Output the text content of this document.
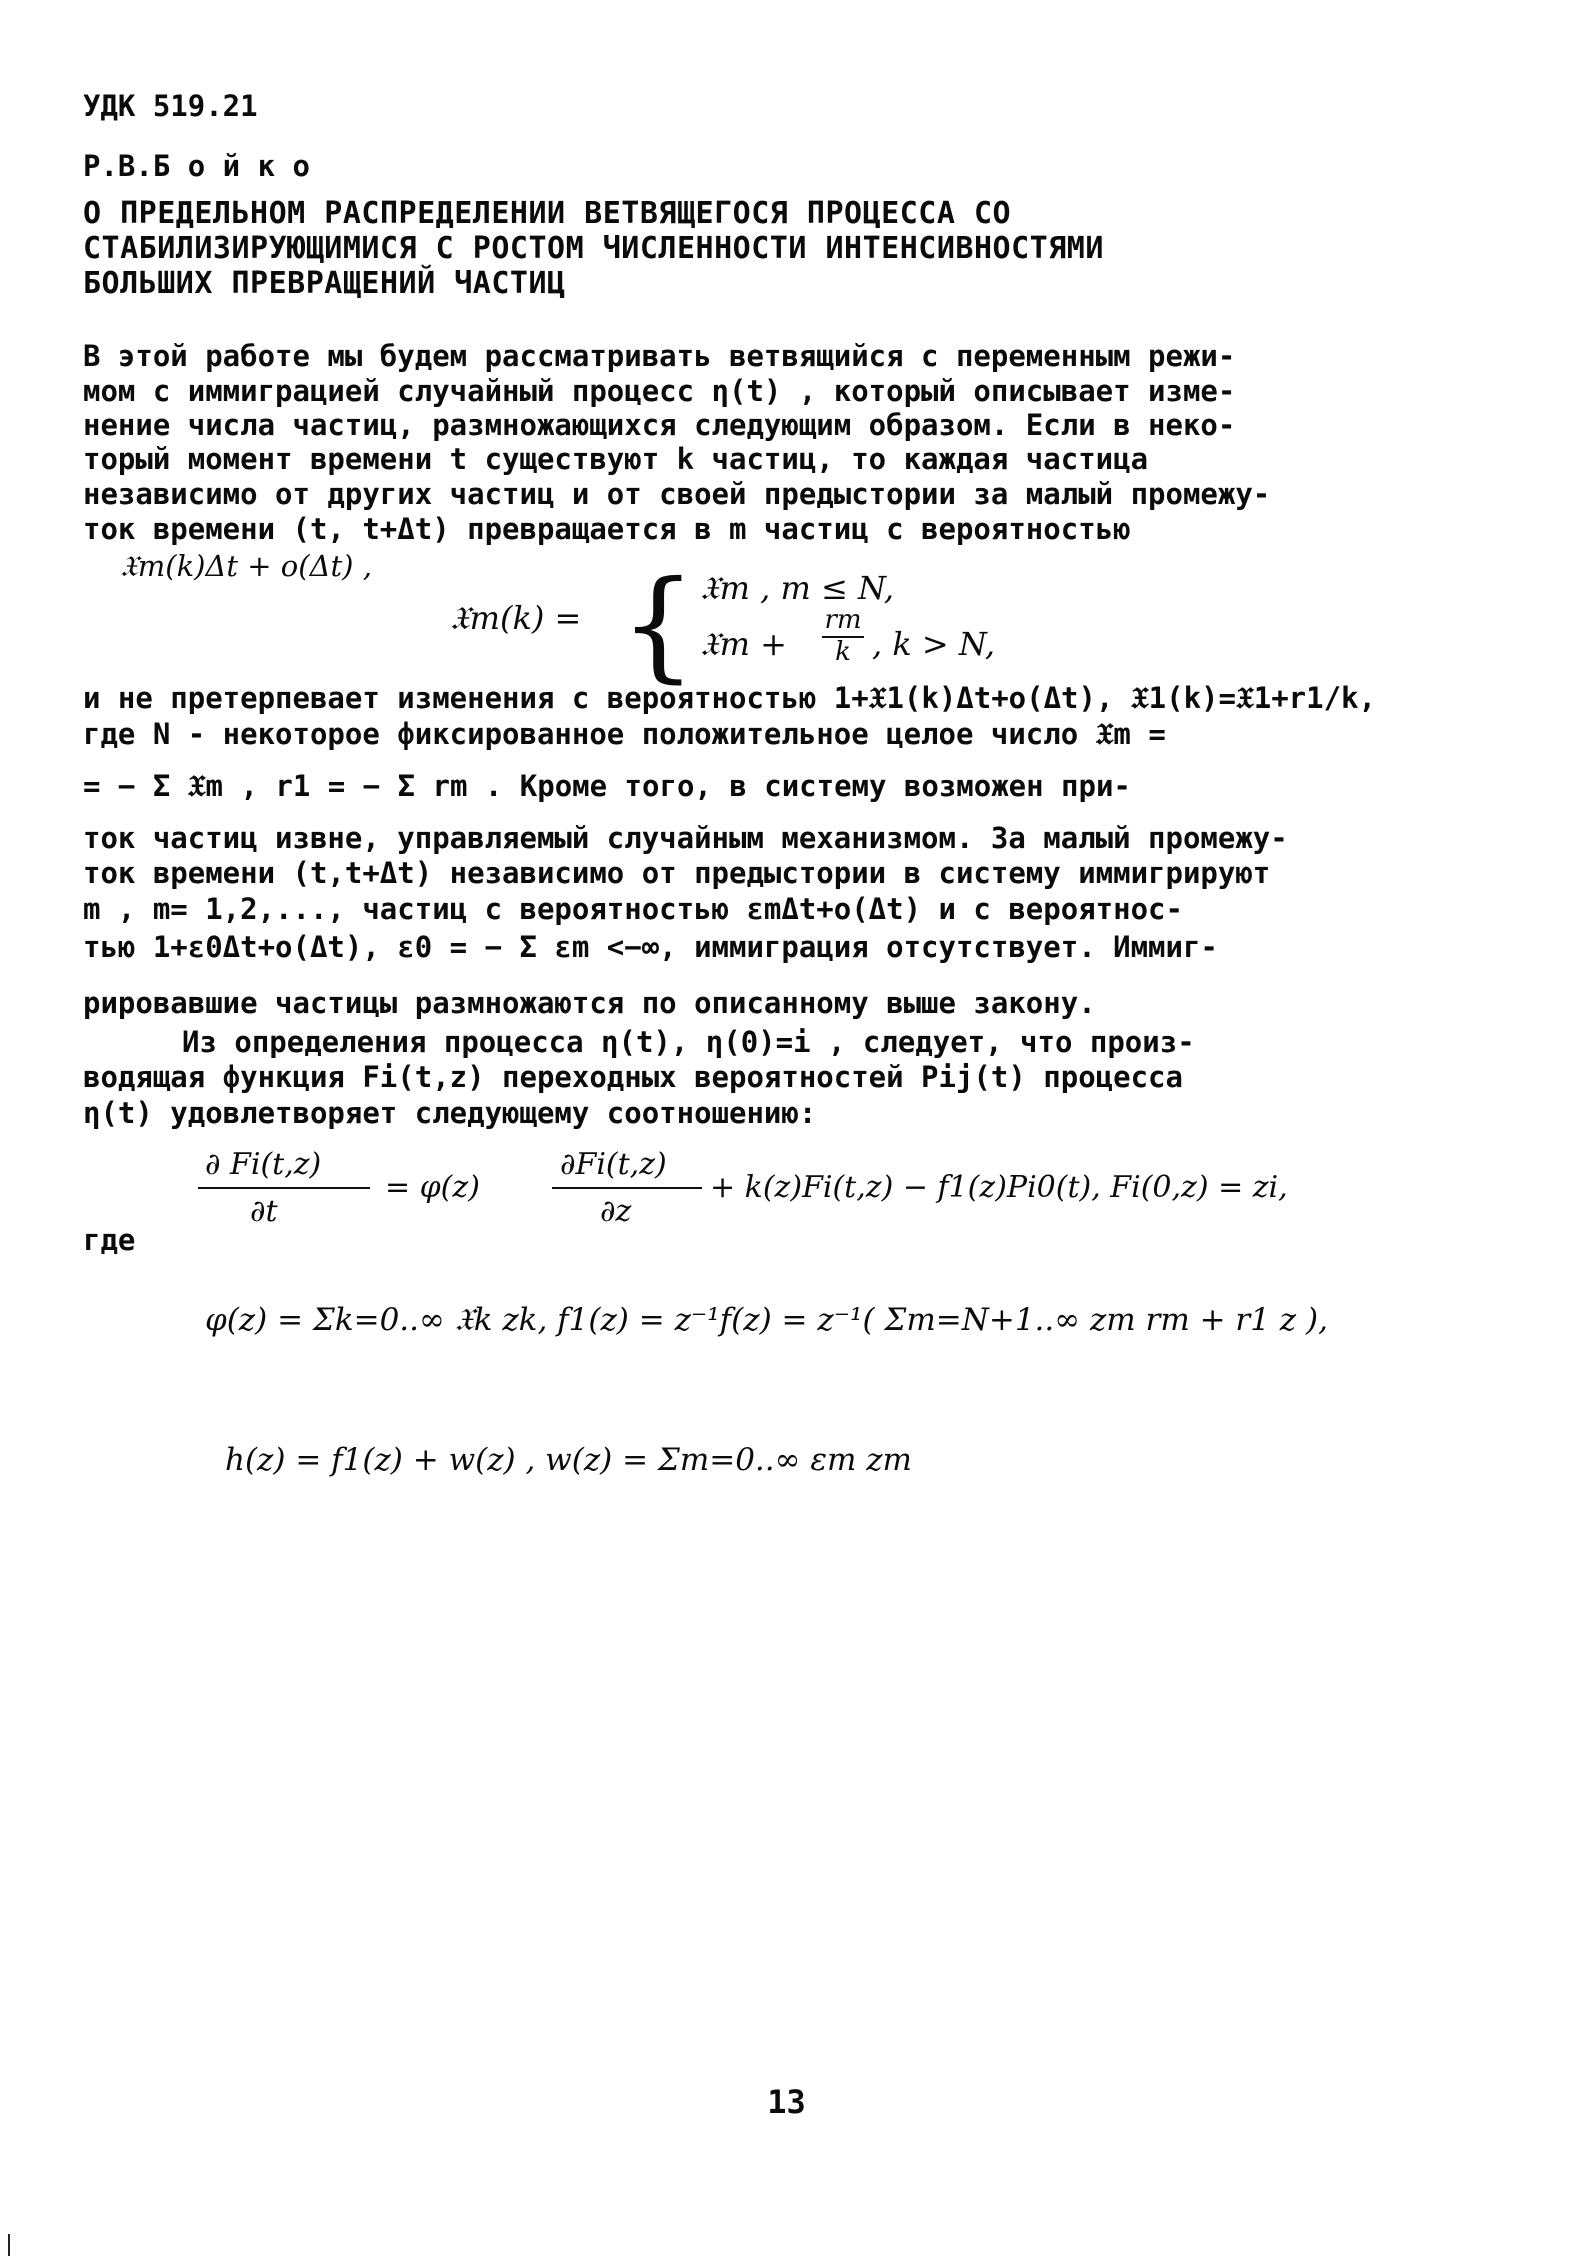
УДК 519.21
Р.В.Б о й к о
О ПРЕДЕЛЬНОМ РАСПРЕДЕЛЕНИИ ВЕТВЯЩЕГОСЯ ПРОЦЕССА СО
СТАБИЛИЗИРУЮЩИМИСЯ С РОСТОМ ЧИСЛЕННОСТИ ИНТЕНСИВНОСТЯМИ
БОЛЬШИХ ПРЕВРАЩЕНИЙ ЧАСТИЦ
В этой работе мы будем рассматривать ветвящийся с переменным режи-
мом с иммиграцией случайный процесс η(t) , который описывает изме-
нение числа частиц, размножающихся следующим образом. Если в неко-
торый момент времени t существуют k частиц, то каждая частица
независимо от других частиц и от своей предыстории за малый промежу-
ток времени (t, t+Δt) превращается в m частиц с вероятностью
𝔛m(k)Δt + o(Δt) ,
𝔛m(k) = { 𝔛m , m ≤ N,
𝔛m +
rm
k , k > N,
и не претерпевает изменения с вероятностью 1+𝔛1(k)Δt+o(Δt), 𝔛1(k)=𝔛1+r1/k,
где N - некоторое фиксированное положительное целое число 𝔛m =
= − Σ 𝔛m , r1 = − Σ rm . Кроме того, в систему возможен при-
ток частиц извне, управляемый случайным механизмом. За малый промежу-
ток времени (t,t+Δt) независимо от предыстории в систему иммигрируют
m , m= 1,2,..., частиц с вероятностью εmΔt+o(Δt) и с вероятнос-
тью 1+ε0Δt+o(Δt), ε0 = − Σ εm <−∞, иммиграция отсутствует. Иммиг-
рировавшие частицы размножаются по описанному выше закону.
Из определения процесса η(t), η(0)=i , следует, что произ-
водящая функция Fi(t,z) переходных вероятностей Pij(t) процесса
η(t) удовлетворяет следующему соотношению:
∂ Fi(t,z)
∂t
= φ(z)
∂Fi(t,z)
∂z
+ k(z)Fi(t,z) − f1(z)Pi0(t), Fi(0,z) = zi,
где
φ(z) = Σk=0..∞ 𝔛k zk, f1(z) = z⁻¹f(z) = z⁻¹( Σm=N+1..∞ zm rm + r1 z ),
h(z) = f1(z) + w(z) , w(z) = Σm=0..∞ εm zm
13
